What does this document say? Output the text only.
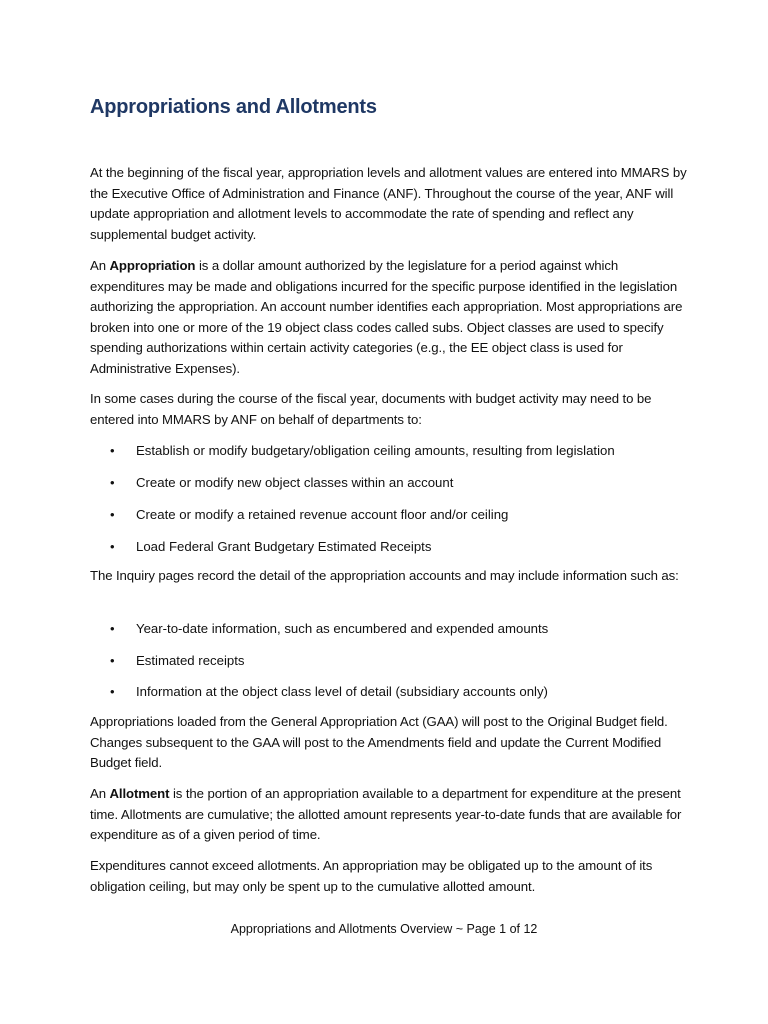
Appropriations and Allotments

At the beginning of the fiscal year, appropriation levels and allotment values are entered into MMARS by the Executive Office of Administration and Finance (ANF). Throughout the course of the year, ANF will update appropriation and allotment levels to accommodate the rate of spending and reflect any supplemental budget activity.

An Appropriation is a dollar amount authorized by the legislature for a period against which expenditures may be made and obligations incurred for the specific purpose identified in the legislation authorizing the appropriation. An account number identifies each appropriation. Most appropriations are broken into one or more of the 19 object class codes called subs. Object classes are used to specify spending authorizations within certain activity categories (e.g., the EE object class is used for Administrative Expenses).

In some cases during the course of the fiscal year, documents with budget activity may need to be entered into MMARS by ANF on behalf of departments to:

•	Establish or modify budgetary/obligation ceiling amounts, resulting from legislation
•	Create or modify new object classes within an account
•	Create or modify a retained revenue account floor and/or ceiling
•	Load Federal Grant Budgetary Estimated Receipts

The Inquiry pages record the detail of the appropriation accounts and may include information such as:

•	Year-to-date information, such as encumbered and expended amounts
•	Estimated receipts
•	Information at the object class level of detail (subsidiary accounts only)

Appropriations loaded from the General Appropriation Act (GAA) will post to the Original Budget field. Changes subsequent to the GAA will post to the Amendments field and update the Current Modified Budget field.

An Allotment is the portion of an appropriation available to a department for expenditure at the present time. Allotments are cumulative; the allotted amount represents year-to-date funds that are available for expenditure as of a given period of time.

Expenditures cannot exceed allotments. An appropriation may be obligated up to the amount of its obligation ceiling, but may only be spent up to the cumulative allotted amount.

Appropriations and Allotments Overview ~ Page 1 of 12
